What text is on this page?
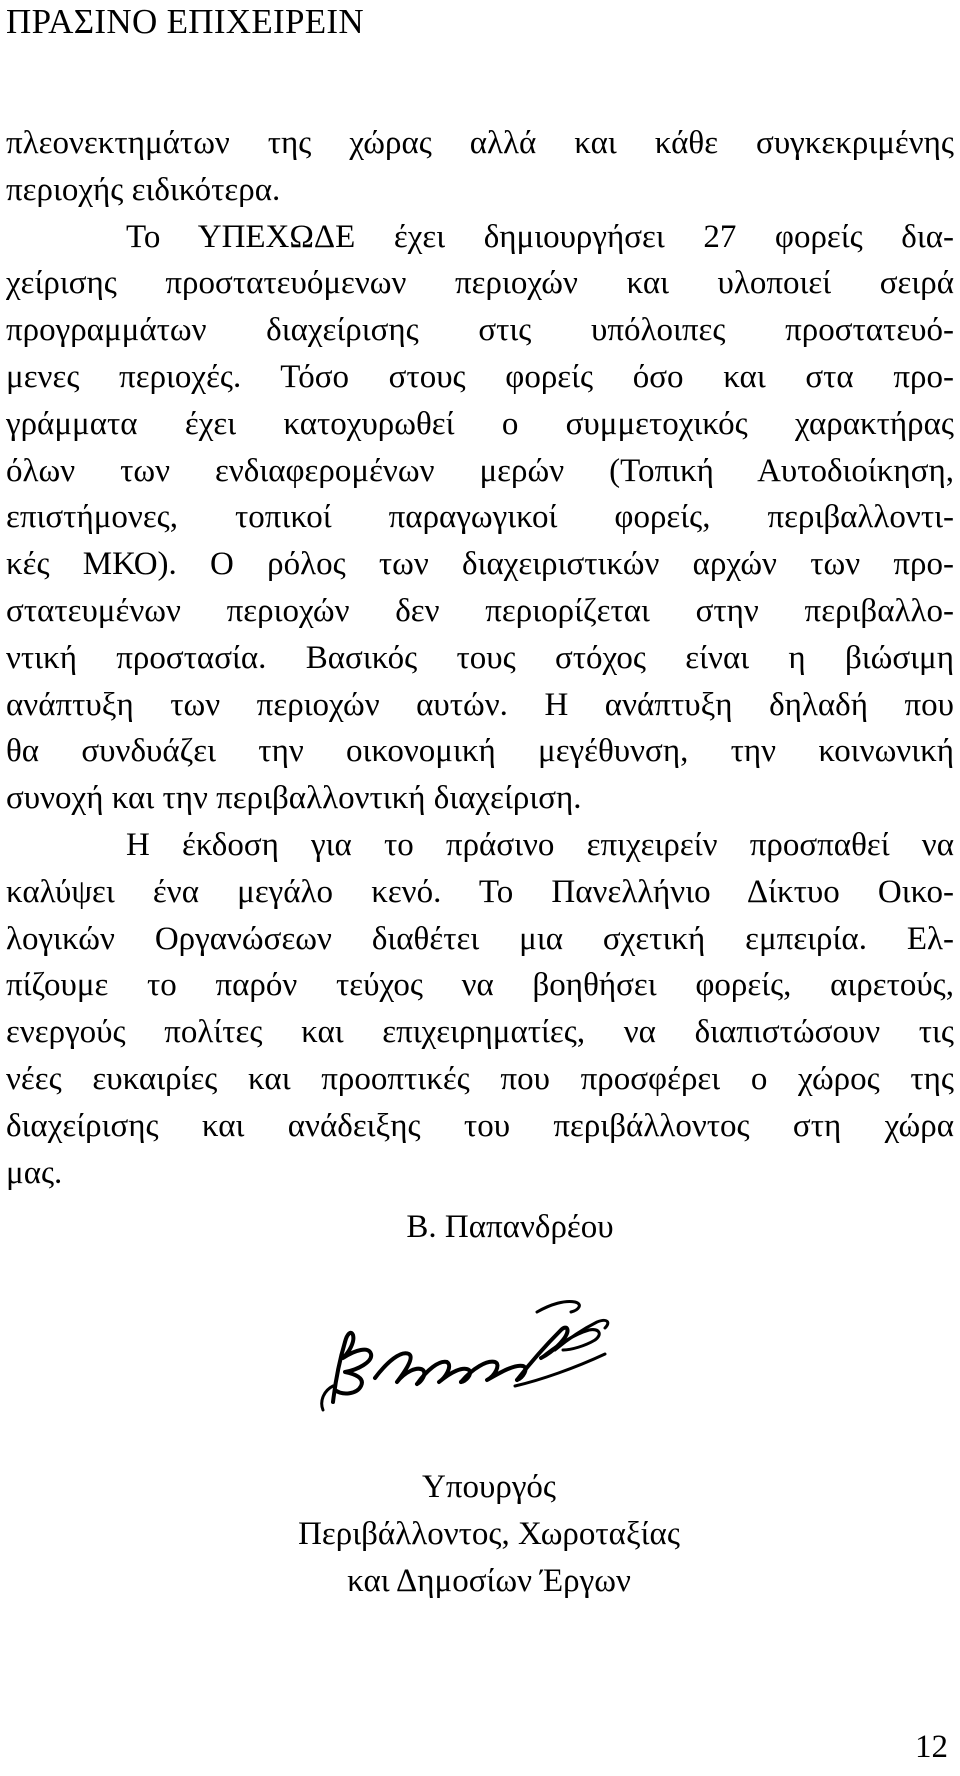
ΠΡΑΣΙΝΟ ΕΠΙΧΕΙΡΕΙΝ

πλεονεκτημάτων της χώρας αλλά και κάθε συγκεκριμένης
περιοχής ειδικότερα.

Το ΥΠΕΧΩΔΕ έχει δημιουργήσει 27 φορείς δια-
χείρισης προστατευόμενων περιοχών και υλοποιεί σειρά
προγραμμάτων διαχείρισης στις υπόλοιπες προστατευό-
μενες περιοχές. Τόσο στους φορείς όσο και στα προ-
γράμματα έχει κατοχυρωθεί ο συμμετοχικός χαρακτήρας
όλων των ενδιαφερομένων μερών (Τοπική Αυτοδιοίκηση,
επιστήμονες, τοπικοί παραγωγικοί φορείς, περιβαλλοντι-
κές ΜΚΟ). Ο ρόλος των διαχειριστικών αρχών των προ-
στατευμένων περιοχών δεν περιορίζεται στην περιβαλλο-
ντική προστασία. Βασικός τους στόχος είναι η βιώσιμη
ανάπτυξη των περιοχών αυτών. Η ανάπτυξη δηλαδή που
θα συνδυάζει την οικονομική μεγέθυνση, την κοινωνική
συνοχή και την περιβαλλοντική διαχείριση.

Η έκδοση για το πράσινο επιχειρείν προσπαθεί να
καλύψει ένα μεγάλο κενό. Το Πανελλήνιο Δίκτυο Οικο-
λογικών Οργανώσεων διαθέτει μια σχετική εμπειρία. Ελ-
πίζουμε το παρόν τεύχος να βοηθήσει φορείς, αιρετούς,
ενεργούς πολίτες και επιχειρηματίες, να διαπιστώσουν τις
νέες ευκαιρίες και προοπτικές που προσφέρει ο χώρος της
διαχείρισης και ανάδειξης του περιβάλλοντος στη χώρα
μας.

Β. Παπανδρέου
Υπουργός
Περιβάλλοντος, Χωροταξίας
και Δημοσίων Έργων
12
